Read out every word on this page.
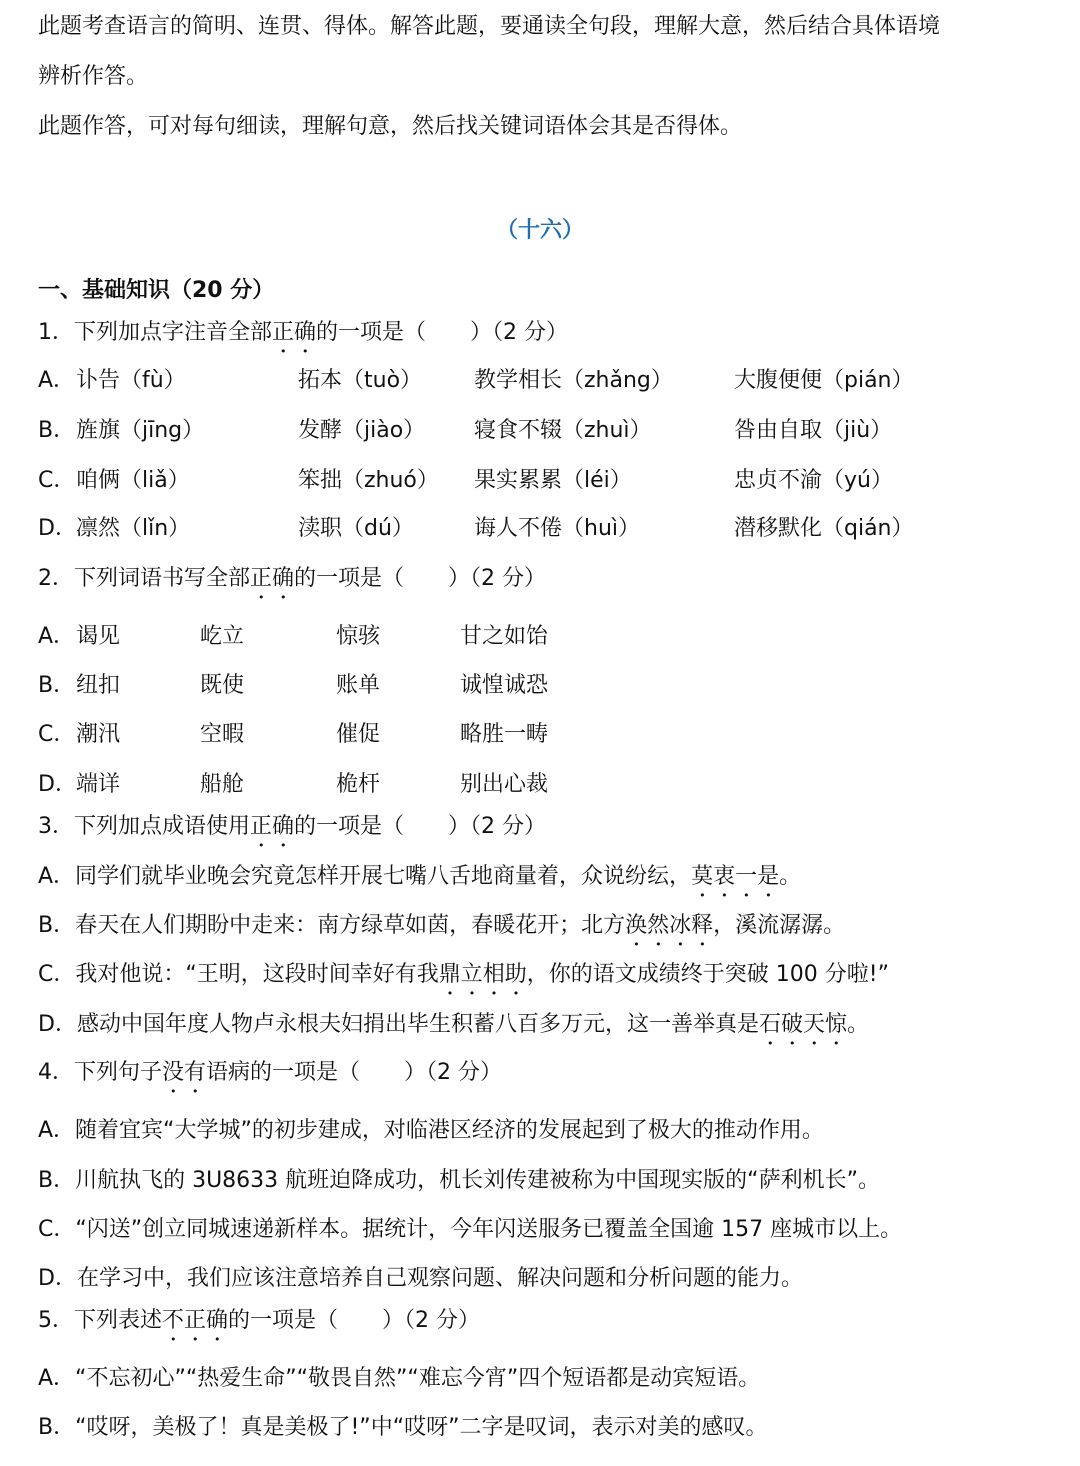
此题考查语言的简明、连贯、得体。解答此题，要通读全句段，理解大意，然后结合具体语境
辨析作答。
此题作答，可对每句细读，理解句意，然后找关键词语体会其是否得体。
（十六）
一、基础知识（20 分）
1．下列加点字注音全部正确的一项是（　　）（2 分）
A． 讣告（fù）	拓本（tuò） 教学相长（zhǎng）	大腹便便（pián）
B． 旌旗（jīng）	发酵（jiào） 寝食不辍（zhuì）	咎由自取（jiù）
C． 咱俩（liǎ）	笨拙（zhuó） 果实累累（léi）	忠贞不渝（yú）
D． 凛然（lǐn）	渎职（dú）	诲人不倦（huì）	潜移默化（qián）
2．下列词语书写全部正确的一项是（　　）（2 分）
A． 谒见	屹立	惊骇	甘之如饴
B． 纽扣	既使	账单	诚惶诚恐
C． 潮汛	空暇	催促	略胜一畴
D． 端详	船舱	桅杆	别出心裁
3．下列加点成语使用正确的一项是（　　）（2 分）
A．同学们就毕业晚会究竟怎样开展七嘴八舌地商量着，众说纷纭，莫衷一是。
B．春天在人们期盼中走来：南方绿草如茵，春暖花开；北方涣然冰释，溪流潺潺。
C．我对他说：“王明，这段时间幸好有我鼎立相助，你的语文成绩终于突破 100 分啦!”
D．感动中国年度人物卢永根夫妇捐出毕生积蓄八百多万元，这一善举真是石破天惊。
4．下列句子没有语病的一项是（　　）（2 分）
A．随着宜宾“大学城”的初步建成，对临港区经济的发展起到了极大的推动作用。
B．川航执飞的 3U8633 航班迫降成功，机长刘传建被称为中国现实版的“萨利机长”。
C．“闪送”创立同城速递新样本。据统计，今年闪送服务已覆盖全国逾 157 座城市以上。
D．在学习中，我们应该注意培养自己观察问题、解决问题和分析问题的能力。
5．下列表述不正确的一项是（　　）（2 分）
A．“不忘初心”“热爱生命”“敬畏自然”“难忘今宵”四个短语都是动宾短语。
B．“哎呀，美极了！真是美极了!”中“哎呀”二字是叹词，表示对美的感叹。
